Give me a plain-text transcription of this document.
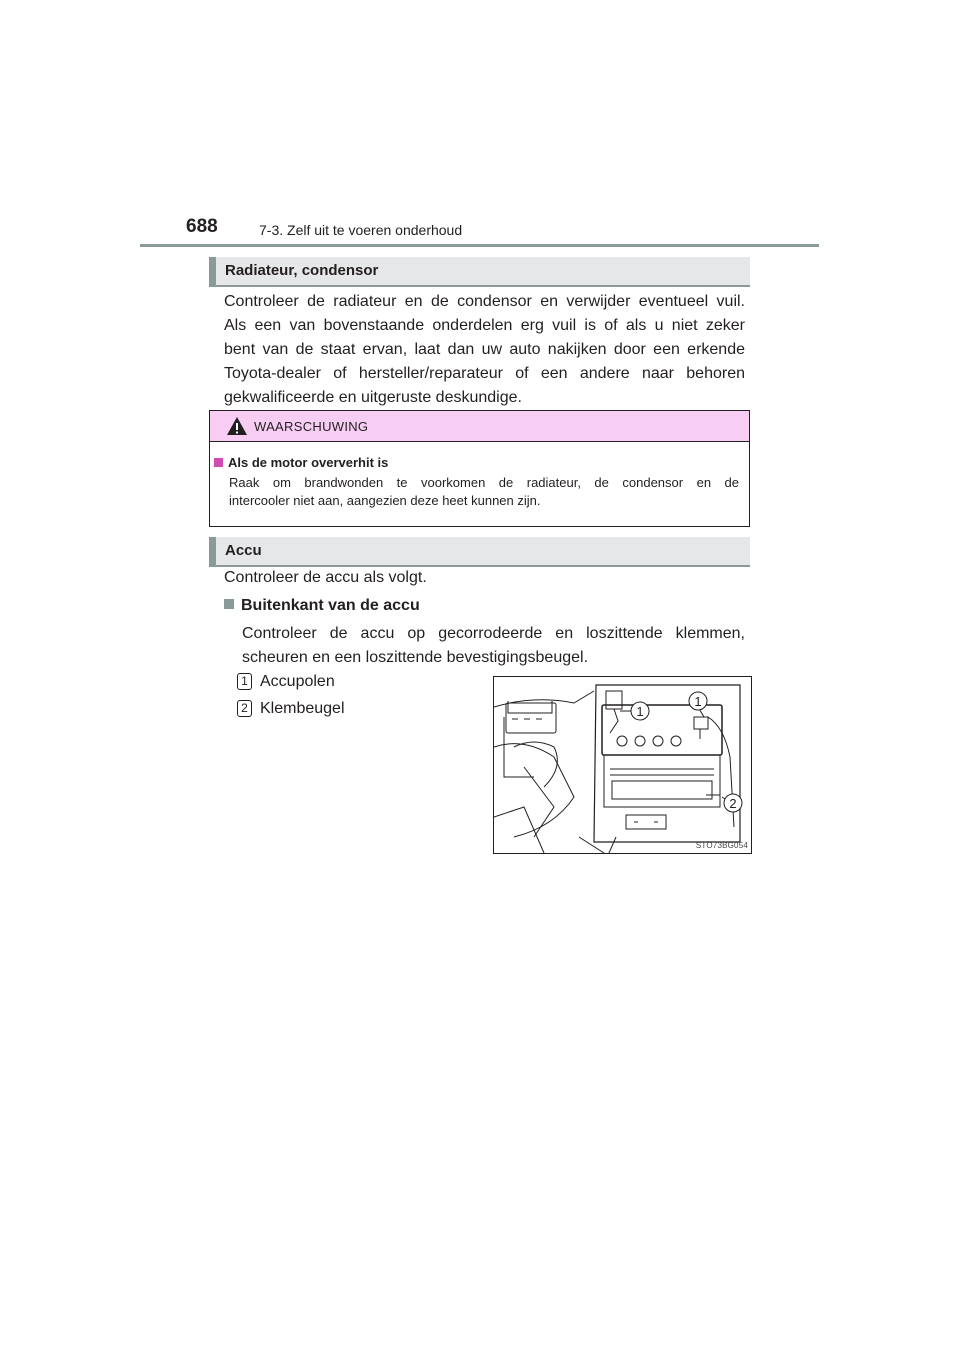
688	7-3. Zelf uit te voeren onderhoud
Radiateur, condensor
Controleer de radiateur en de condensor en verwijder eventueel vuil.
Als een van bovenstaande onderdelen erg vuil is of als u niet zeker
bent van de staat ervan, laat dan uw auto nakijken door een erkende
Toyota-dealer of hersteller/reparateur of een andere naar behoren
gekwalificeerde en uitgeruste deskundige.
WAARSCHUWING
Als de motor oververhit is
Raak om brandwonden te voorkomen de radiateur, de condensor en de
intercooler niet aan, aangezien deze heet kunnen zijn.
Accu
Controleer de accu als volgt.
Buitenkant van de accu
Controleer de accu op gecorrodeerde en loszittende klemmen,
scheuren en een loszittende bevestigingsbeugel.
1 Accupolen
2 Klembeugel	1
1
2
STO73BG054
